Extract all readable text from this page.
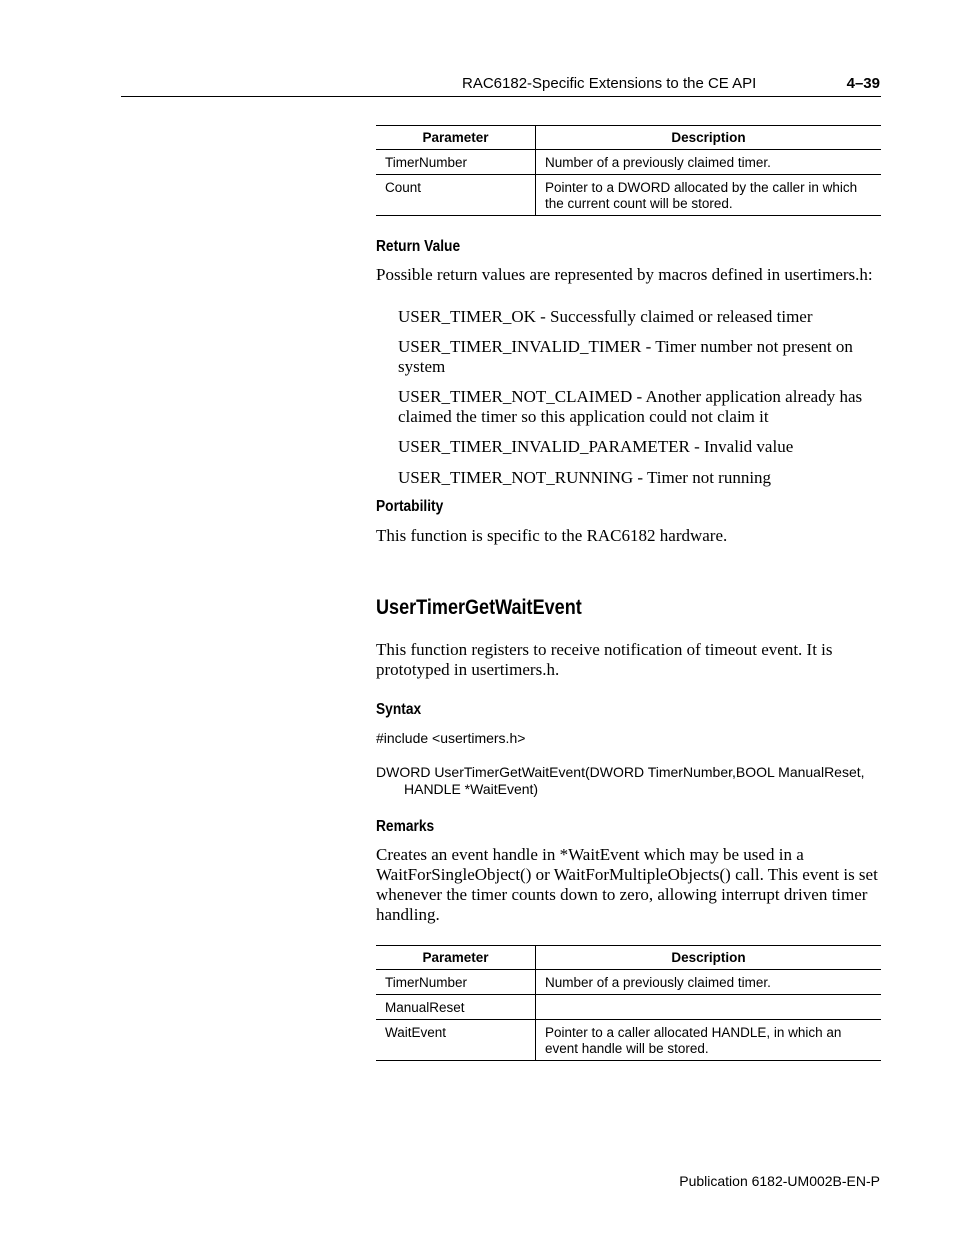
RAC6182-Specific Extensions to the CE API	4–39
Parameter	Description
TimerNumber	Number of a previously claimed timer.
Count	Pointer to a DWORD allocated by the caller in which the current count will be stored.
Return Value
Possible return values are represented by macros defined in usertimers.h:
USER_TIMER_OK - Successfully claimed or released timer
USER_TIMER_INVALID_TIMER - Timer number not present on system
USER_TIMER_NOT_CLAIMED - Another application already has claimed the timer so this application could not claim it
USER_TIMER_INVALID_PARAMETER - Invalid value
USER_TIMER_NOT_RUNNING - Timer not running
Portability
This function is specific to the RAC6182 hardware.
UserTimerGetWaitEvent
This function registers to receive notification of timeout event. It is prototyped in usertimers.h.
Syntax
#include <usertimers.h>
DWORD UserTimerGetWaitEvent(DWORD TimerNumber,BOOL ManualReset,
HANDLE *WaitEvent)
Remarks
Creates an event handle in *WaitEvent which may be used in a WaitForSingleObject() or WaitForMultipleObjects() call. This event is set whenever the timer counts down to zero, allowing interrupt driven timer handling.
Parameter	Description
TimerNumber	Number of a previously claimed timer.
ManualReset	
WaitEvent	Pointer to a caller allocated HANDLE, in which an event handle will be stored.
Publication 6182-UM002B-EN-P
